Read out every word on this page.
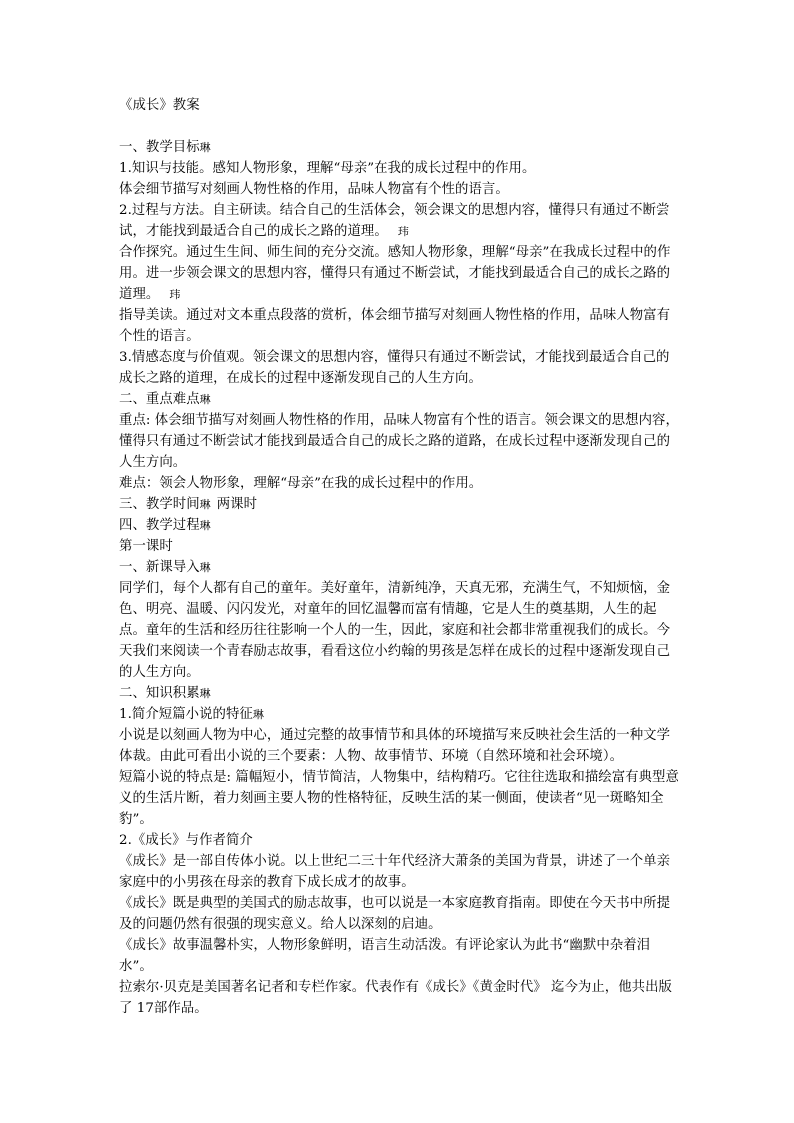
《成长》教案

一、教学目标琳

1.知识与技能。感知人物形象，理解“母亲”在我的成长过程中的作用。

体会细节描写对刻画人物性格的作用，品味人物富有个性的语言。

2.过程与方法。自主研读。结合自己的生活体会，领会课文的思想内容，懂得只有通过不断尝试，才能找到最适合自己的成长之路的道理。 玮

合作探究。通过生生间、师生间的充分交流。感知人物形象，理解“母亲”在我成长过程中的作用。进一步领会课文的思想内容，懂得只有通过不断尝试，才能找到最适合自己的成长之路的道理。 玮

指导美读。通过对文本重点段落的赏析，体会细节描写对刻画人物性格的作用，品味人物富有个性的语言。

3.情感态度与价值观。领会课文的思想内容，懂得只有通过不断尝试，才能找到最适合自己的成长之路的道理，在成长的过程中逐渐发现自己的人生方向。

二、重点难点琳

重点: 体会细节描写对刻画人物性格的作用，品味人物富有个性的语言。领会课文的思想内容，懂得只有通过不断尝试才能找到最适合自己的成长之路的道路，在成长过程中逐渐发现自己的人生方向。

难点：领会人物形象，理解“母亲”在我的成长过程中的作用。

三、教学时间琳 两课时

四、教学过程琳

第一课时

一、新课导入琳

同学们，每个人都有自己的童年。美好童年，清新纯净，天真无邪，充满生气，不知烦恼，金色、明亮、温暖、闪闪发光，对童年的回忆温馨而富有情趣，它是人生的奠基期，人生的起点。童年的生活和经历往往影响一个人的一生，因此，家庭和社会都非常重视我们的成长。今天我们来阅读一个青春励志故事，看看这位小约翰的男孩是怎样在成长的过程中逐渐发现自己的人生方向。

二、知识积累琳

1.简介短篇小说的特征琳

小说是以刻画人物为中心，通过完整的故事情节和具体的环境描写来反映社会生活的一种文学体裁。由此可看出小说的三个要素：人物、故事情节、环境（自然环境和社会环境）。

短篇小说的特点是: 篇幅短小，情节简洁，人物集中，结构精巧。它往往选取和描绘富有典型意义的生活片断，着力刻画主要人物的性格特征，反映生活的某一侧面，使读者“见一斑略知全豹”。

2.《成长》与作者简介

《成长》是一部自传体小说。以上世纪二三十年代经济大萧条的美国为背景，讲述了一个单亲家庭中的小男孩在母亲的教育下成长成才的故事。

《成长》既是典型的美国式的励志故事，也可以说是一本家庭教育指南。即使在今天书中所提及的问题仍然有很强的现实意义。给人以深刻的启迪。

《成长》故事温馨朴实，人物形象鲜明，语言生动活泼。有评论家认为此书“幽默中杂着泪水”。

拉索尔·贝克是美国著名记者和专栏作家。代表作有《成长》《黄金时代》 迄今为止，他共出版了 17部作品。
